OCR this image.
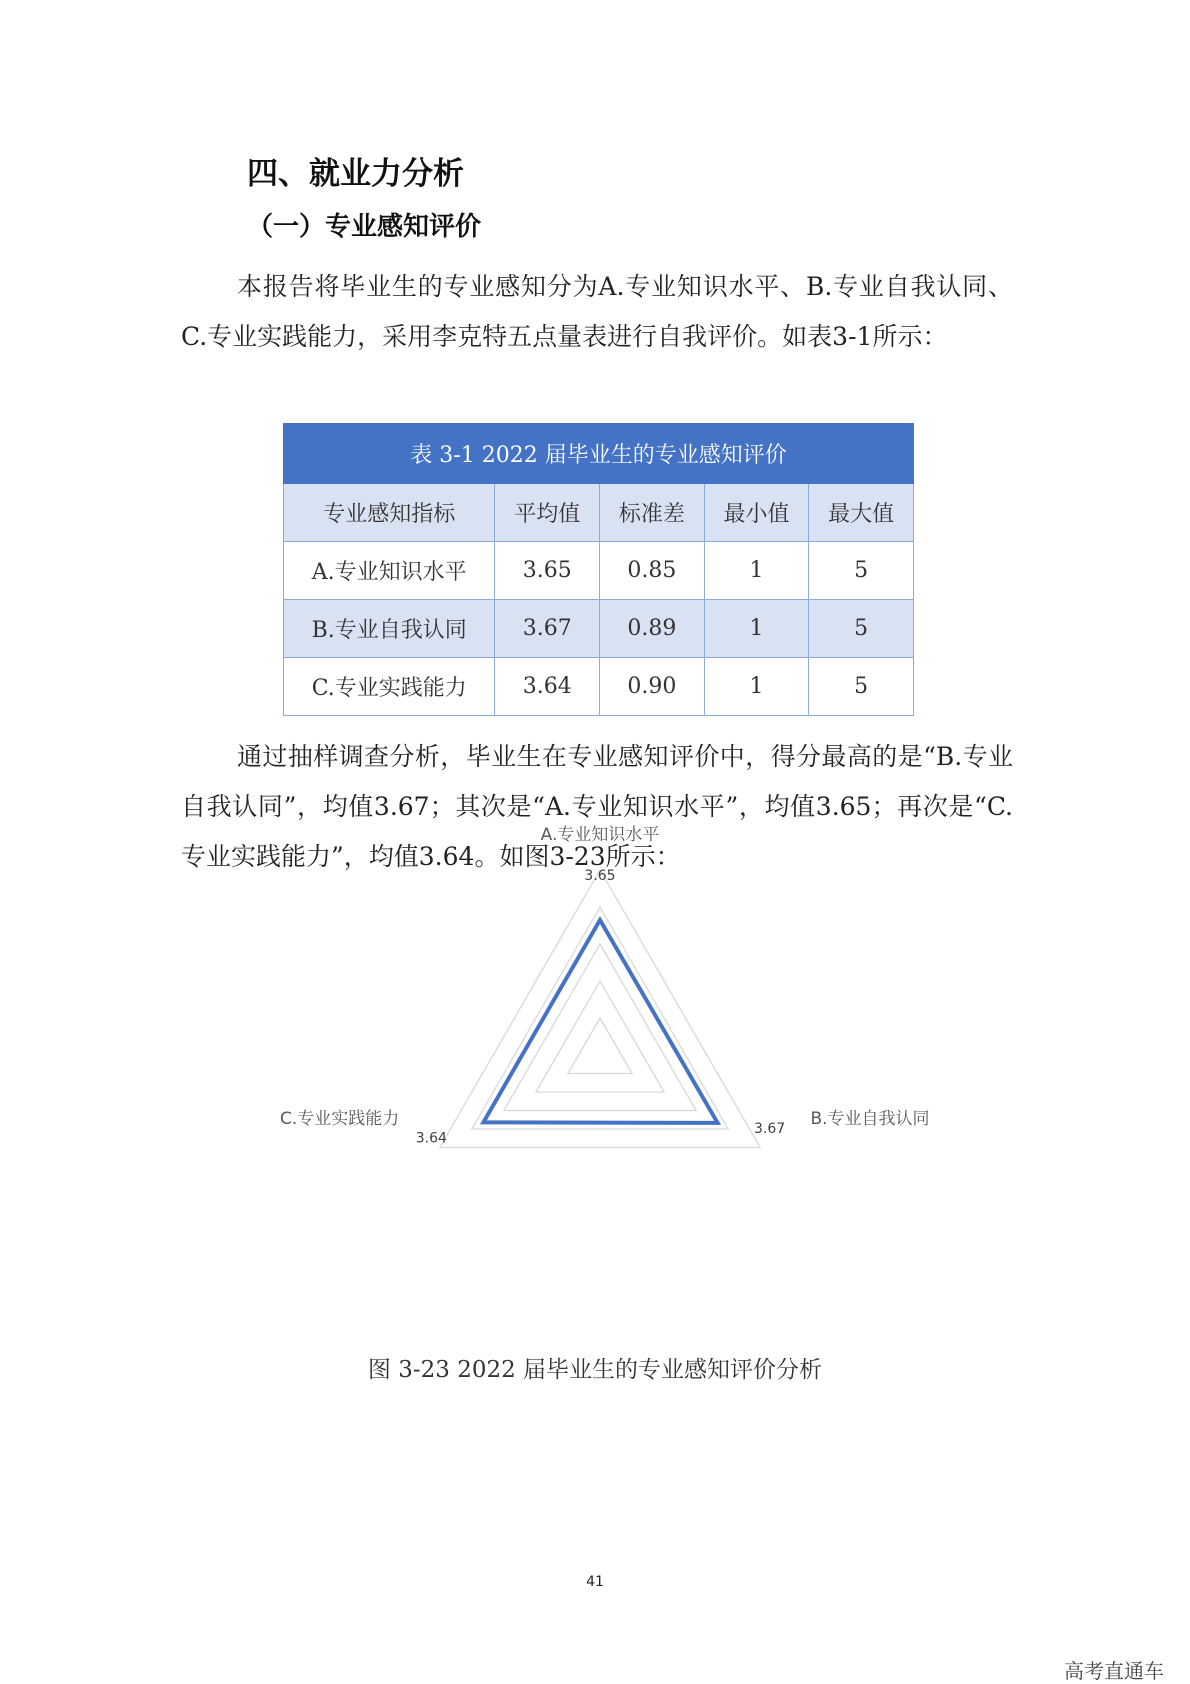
四、就业力分析
（一）专业感知评价
本报告将毕业生的专业感知分为A.专业知识水平、B.专业自我认同、C.专业实践能力，采用李克特五点量表进行自我评价。如表3-1所示：
表 3-1 2022 届毕业生的专业感知评价				
专业感知指标	平均值	标准差	最小值	最大值
A.专业知识水平	3.65	0.85	1	5
B.专业自我认同	3.67	0.89	1	5
C.专业实践能力	3.64	0.90	1	5
通过抽样调查分析，毕业生在专业感知评价中，得分最高的是“B.专业自我认同”，均值3.67；其次是“A.专业知识水平”，均值3.65；再次是“C.专业实践能力”，均值3.64。如图3-23所示：
3.65
3.67
3.64
A.专业知识水平
B.专业自我认同
C.专业实践能力
图 3-23 2022 届毕业生的专业感知评价分析
41
高考直通车
